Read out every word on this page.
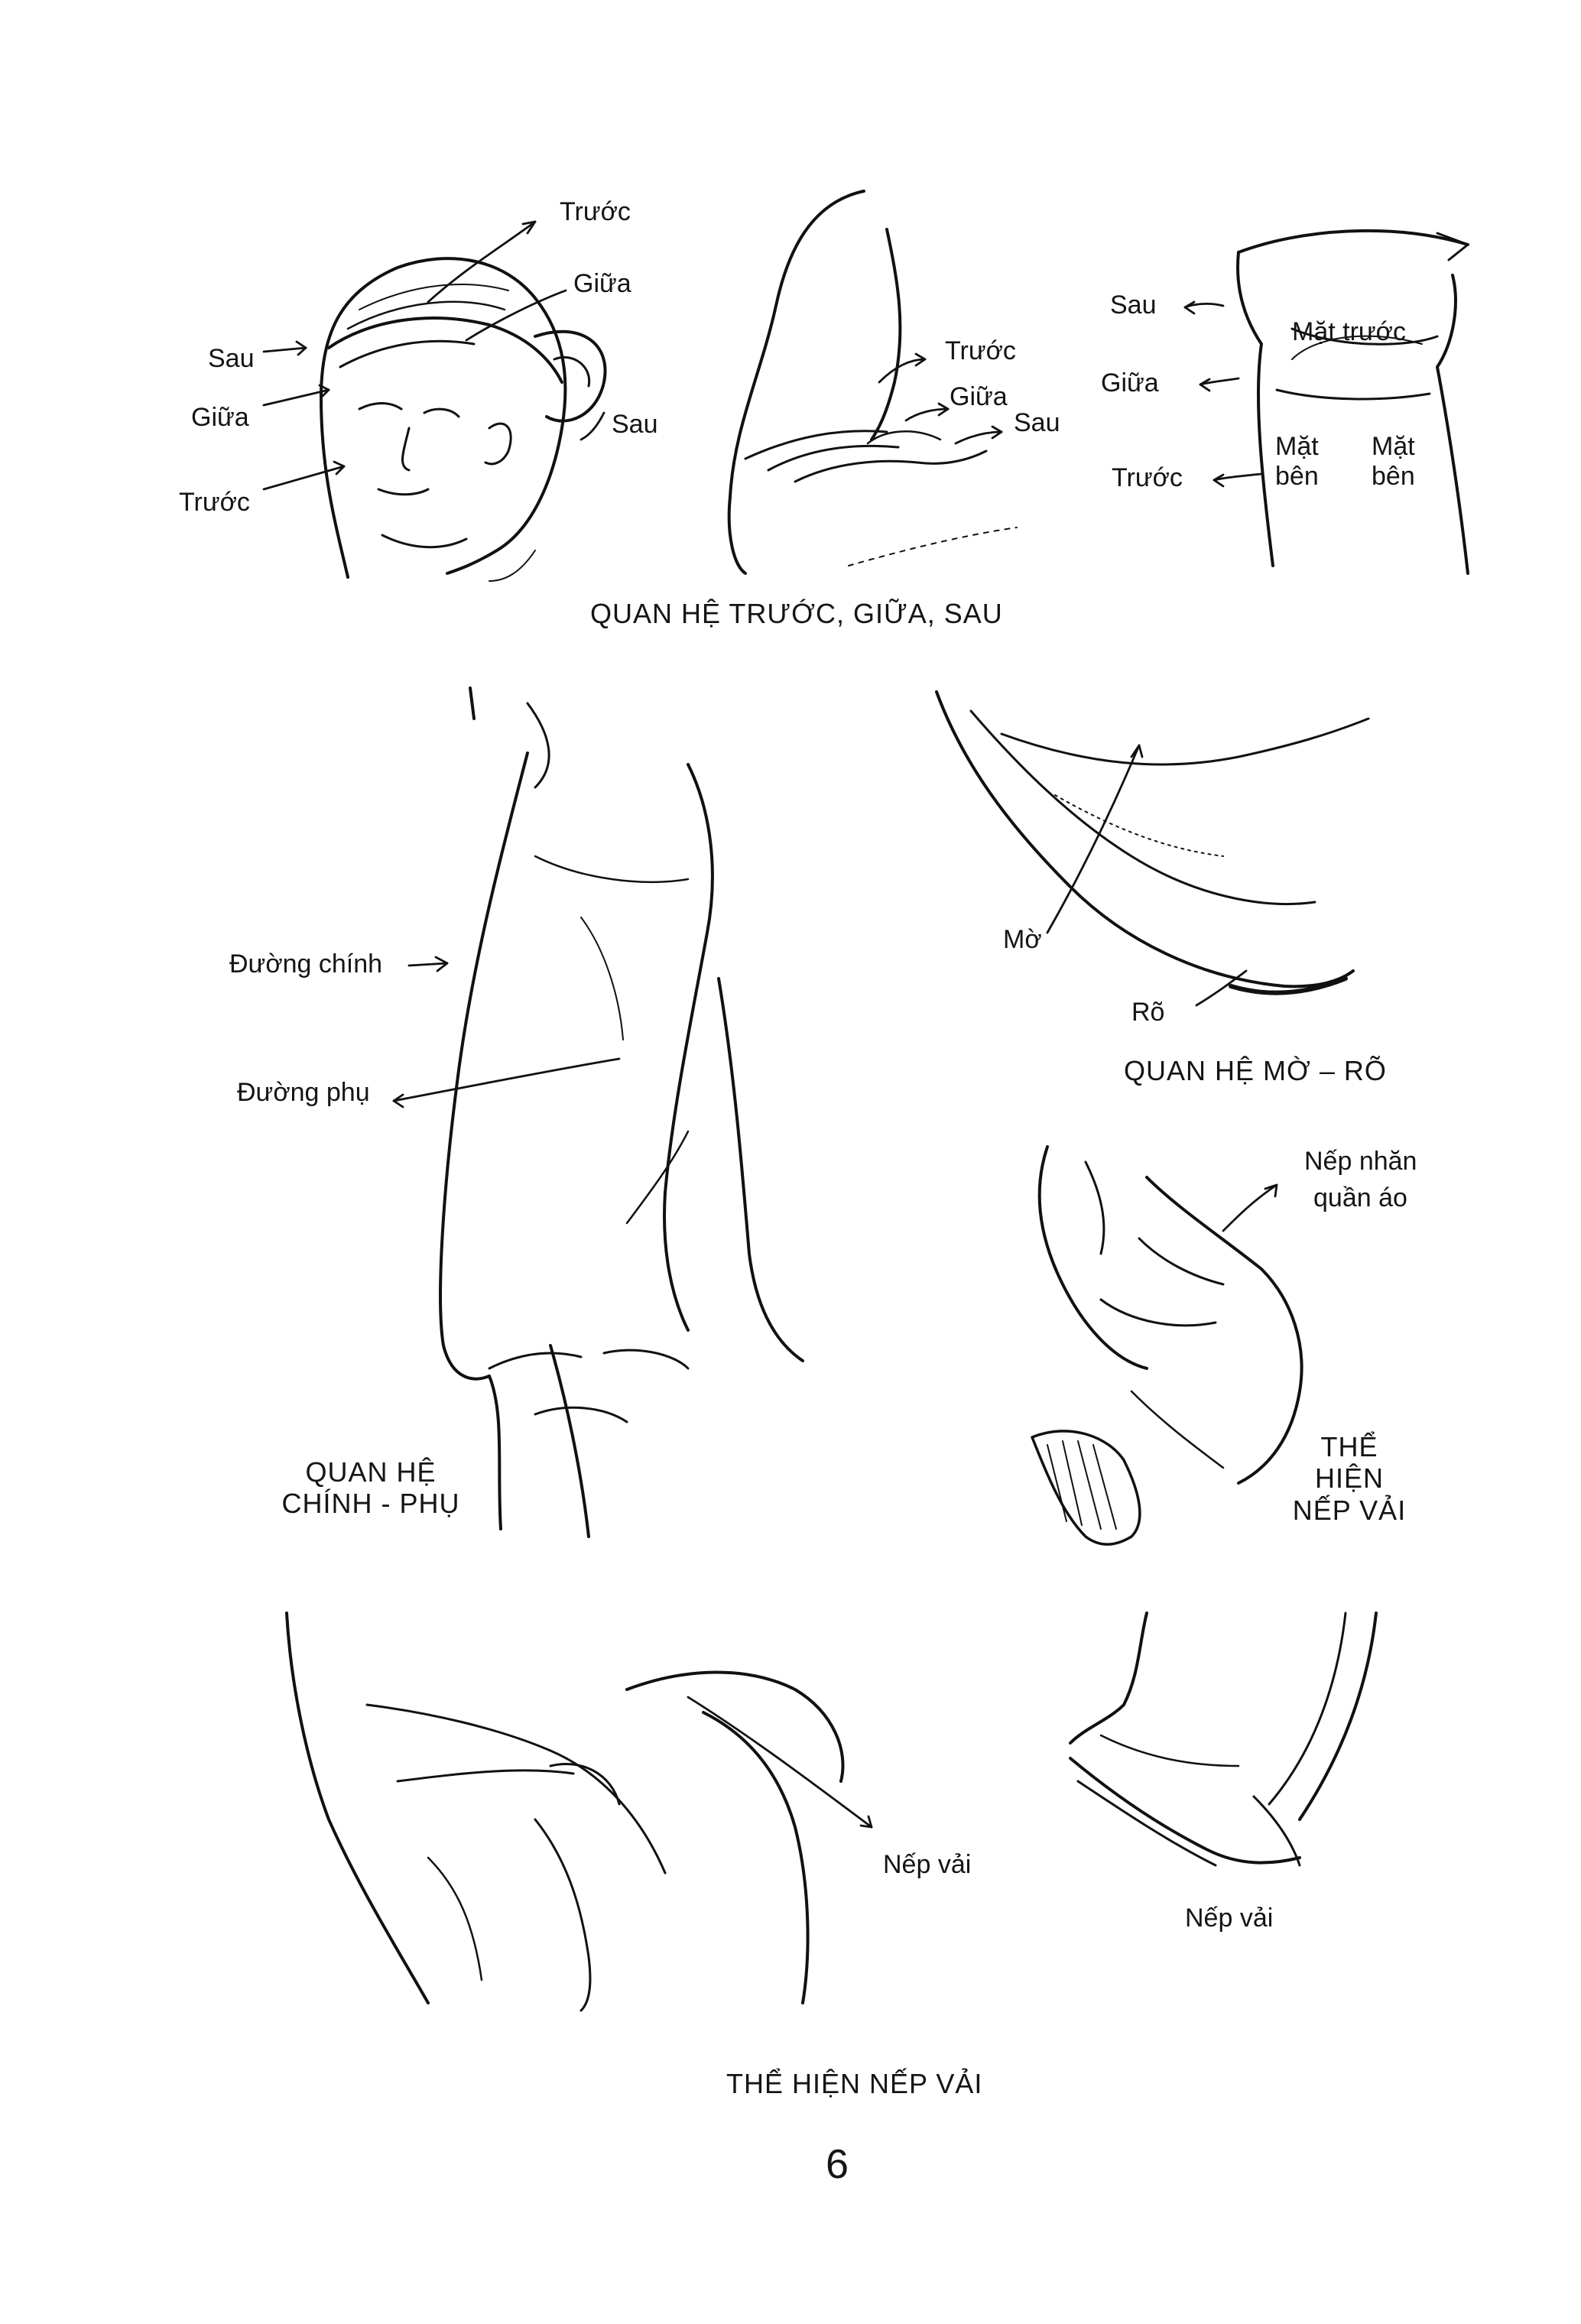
Trước
Giữa
Sau
Giữa
Trước
Sau
Trước
Giữa
Sau
Sau
Giữa
Trước
Mặt trước
Mặt
bên
Mặt
bên
QUAN HỆ TRƯỚC, GIỮA, SAU
Đường chính
Đường phụ
QUAN HỆ
CHÍNH - PHỤ
Mờ
Rõ
QUAN HỆ MỜ – RÕ
Nếp nhăn
quần áo
THỂ
HIỆN
NẾP VẢI
Nếp vải
Nếp vải
THỂ HIỆN NẾP VẢI
6
